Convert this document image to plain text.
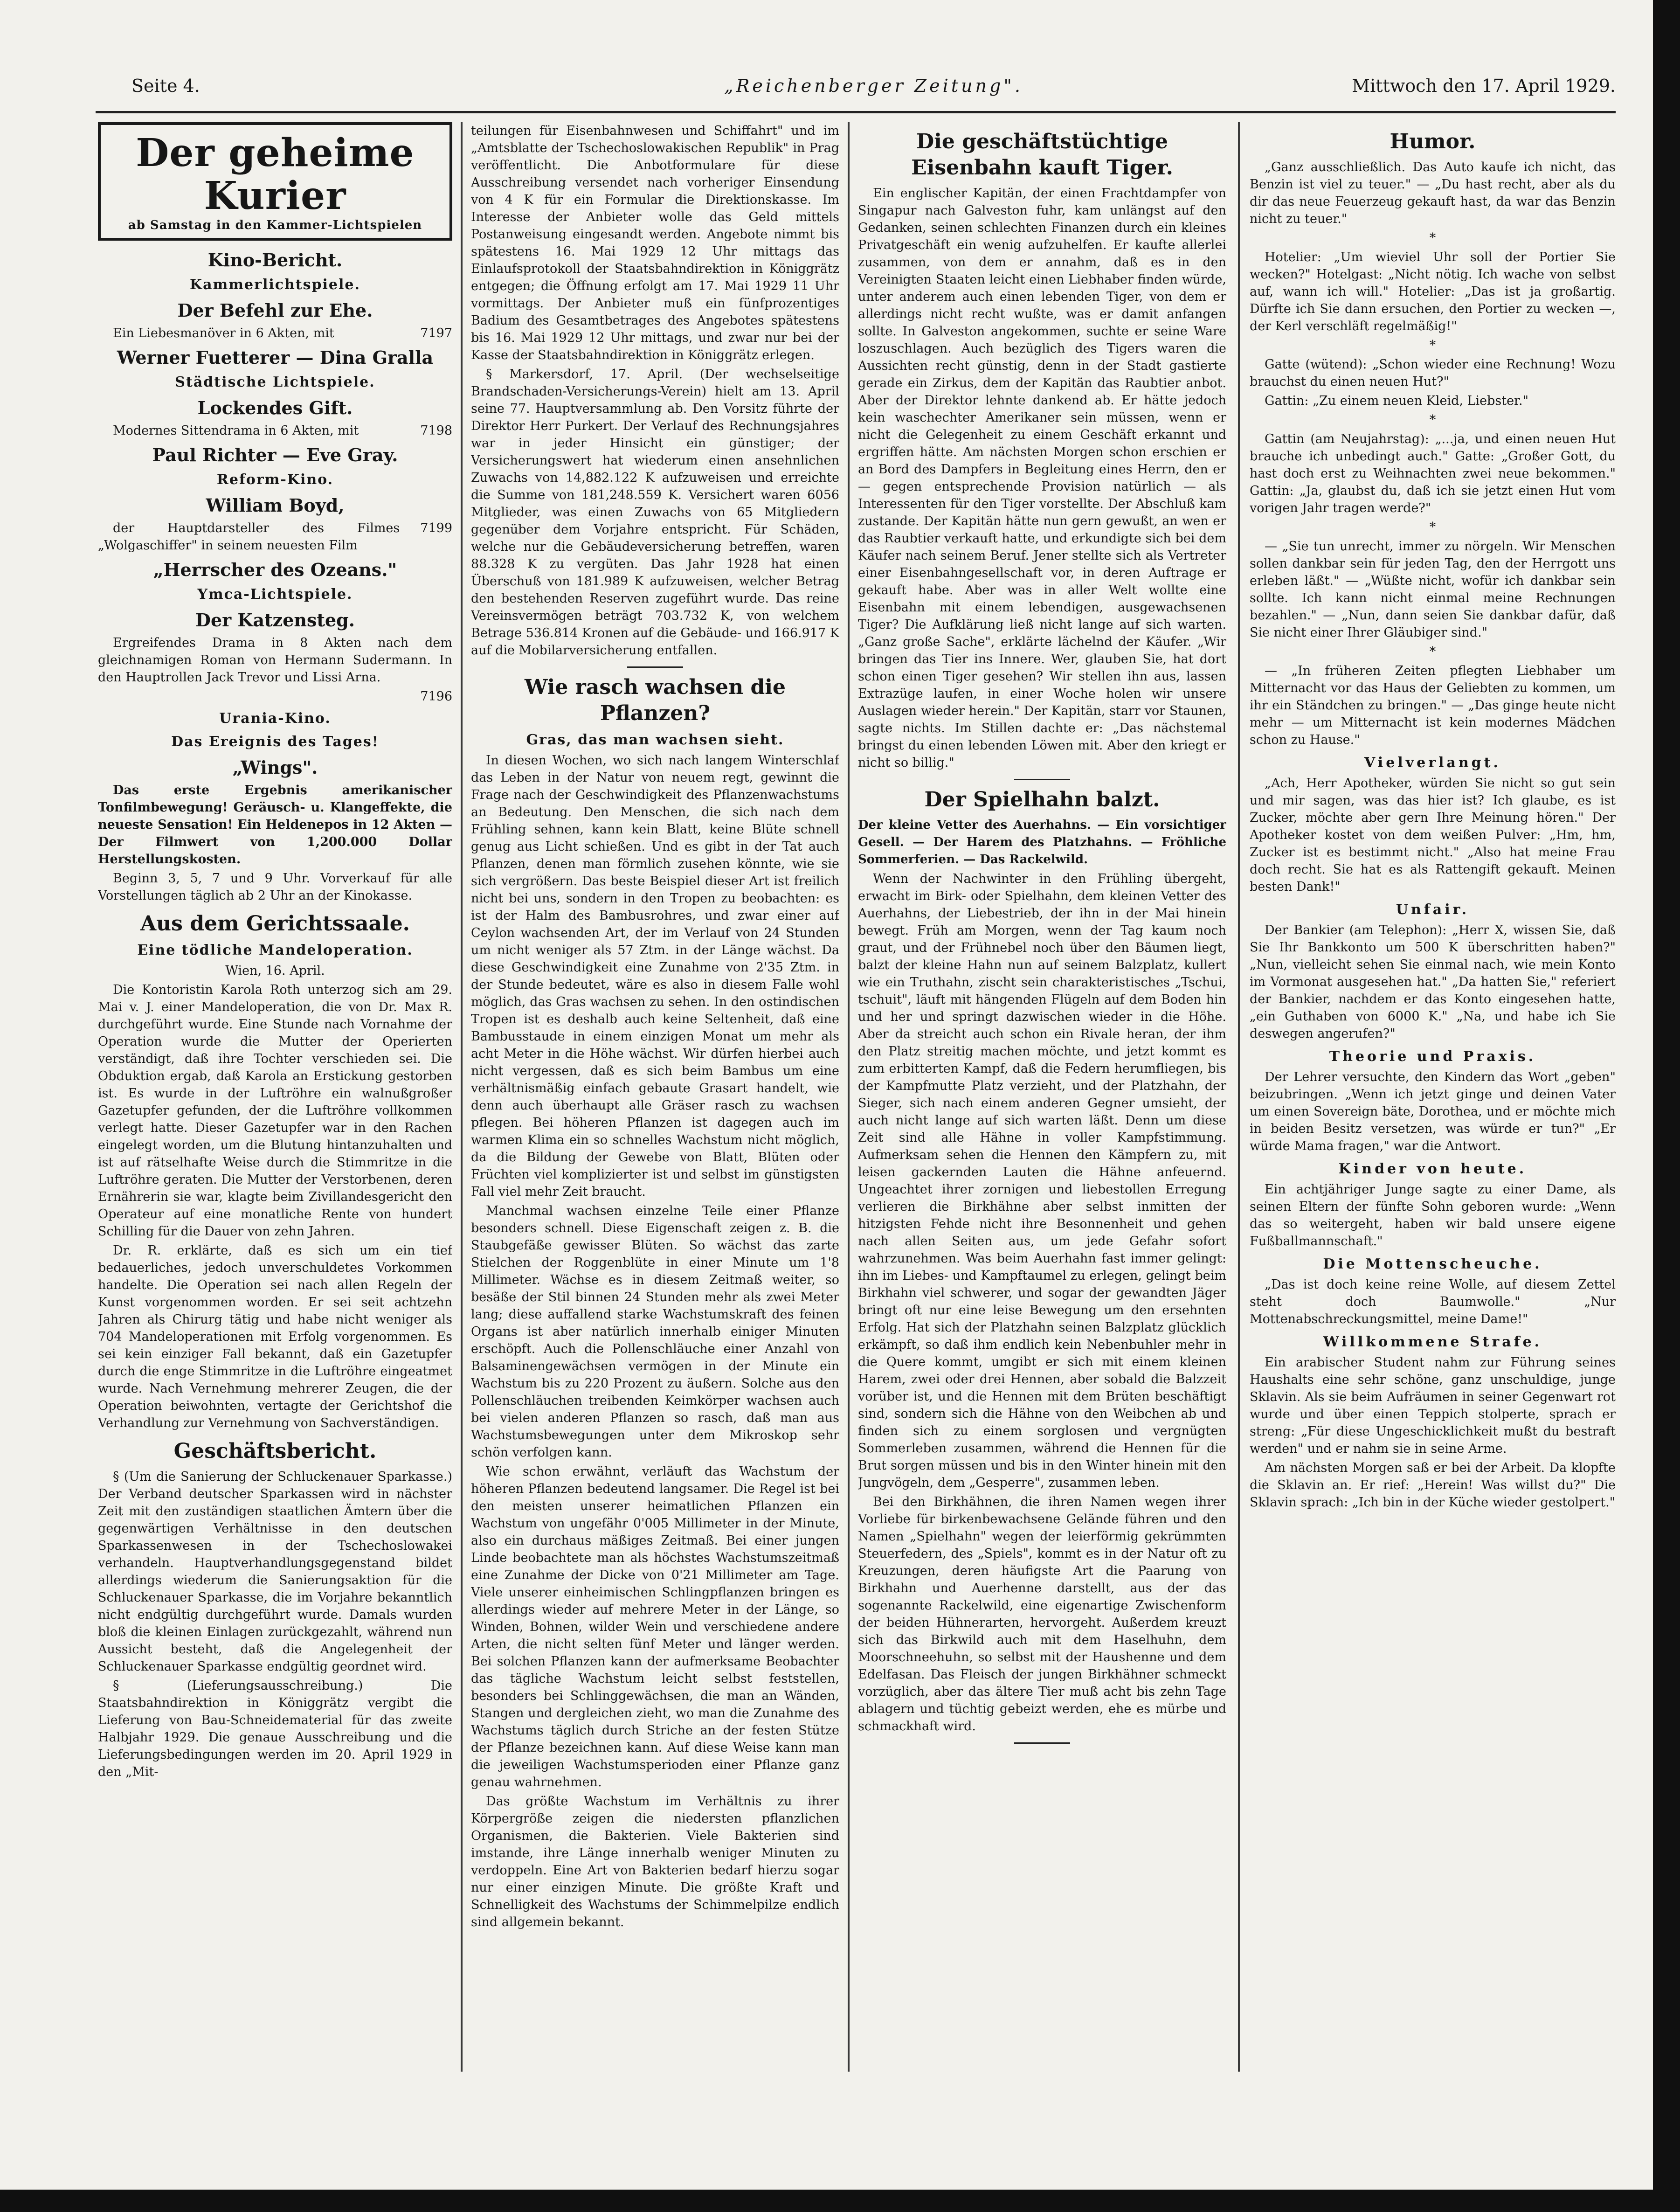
Seite 4.	„Reichenberger Zeitung".	Mittwoch den 17. April 1929.
Der geheime Kurier
ab Samstag in den Kammer-Lichtspielen
Kino-Bericht.
Kammerlichtspiele.
Der Befehl zur Ehe.

Ein Liebesmanöver in 6 Akten, mit	7197

Werner Fuetterer — Dina Gralla
Städtische Lichtspiele.
Lockendes Gift.

Modernes Sittendrama in 6 Akten, mit	7198

Paul Richter — Eve Gray.
Reform-Kino.
William Boyd,

der Hauptdarsteller des Filmes „Wolgaschiffer" in seinem neuesten Film
7199

„Herrscher des Ozeans."
Ymca-Lichtspiele.
Der Katzensteg.

Ergreifendes Drama in 8 Akten nach dem gleichnamigen Roman von Hermann Sudermann. In den Hauptrollen Jack Trevor und Lissi Arna.

7196

Urania-Kino.
Das Ereignis des Tages!
„Wings".

Das erste Ergebnis amerikanischer Tonfilmbewegung! Geräusch- u. Klangeffekte, die neueste Sensation! Ein Heldenepos in 12 Akten — Der Filmwert von 1,200.000 Dollar Herstellungskosten.

Beginn 3, 5, 7 und 9 Uhr. Vorverkauf für alle Vorstellungen täglich ab 2 Uhr an der Kinokasse.

Aus dem Gerichtssaale.
Eine tödliche Mandeloperation.

Wien, 16. April.

Die Kontoristin Karola Roth unterzog sich am 29. Mai v. J. einer Mandeloperation, die von Dr. Max R. durchgeführt wurde. Eine Stunde nach Vornahme der Operation wurde die Mutter der Operierten verständigt, daß ihre Tochter verschieden sei. Die Obduktion ergab, daß Karola an Erstickung gestorben ist. Es wurde in der Luftröhre ein walnußgroßer Gazetupfer gefunden, der die Luftröhre vollkommen verlegt hatte. Dieser Gazetupfer war in den Rachen eingelegt worden, um die Blutung hintanzuhalten und ist auf rätselhafte Weise durch die Stimmritze in die Luftröhre geraten. Die Mutter der Verstorbenen, deren Ernährerin sie war, klagte beim Zivillandesgericht den Operateur auf eine monatliche Rente von hundert Schilling für die Dauer von zehn Jahren.

Dr. R. erklärte, daß es sich um ein tief bedauerliches, jedoch unverschuldetes Vorkommen handelte. Die Operation sei nach allen Regeln der Kunst vorgenommen worden. Er sei seit achtzehn Jahren als Chirurg tätig und habe nicht weniger als 704 Mandeloperationen mit Erfolg vorgenommen. Es sei kein einziger Fall bekannt, daß ein Gazetupfer durch die enge Stimmritze in die Luftröhre eingeatmet wurde. Nach Vernehmung mehrerer Zeugen, die der Operation beiwohnten, vertagte der Gerichtshof die Verhandlung zur Vernehmung von Sachverständigen.

Geschäftsbericht.

§ (Um die Sanierung der Schluckenauer Sparkasse.) Der Verband deutscher Sparkassen wird in nächster Zeit mit den zuständigen staatlichen Ämtern über die gegenwärtigen Verhältnisse in den deutschen Sparkassenwesen in der Tschechoslowakei verhandeln. Hauptverhandlungsgegenstand bildet allerdings wiederum die Sanierungsaktion für die Schluckenauer Sparkasse, die im Vorjahre bekanntlich nicht endgültig durchgeführt wurde. Damals wurden bloß die kleinen Einlagen zurückgezahlt, während nun Aussicht besteht, daß die Angelegenheit der Schluckenauer Sparkasse endgültig geordnet wird.

§ (Lieferungsausschreibung.) Die Staatsbahndirektion in Königgrätz vergibt die Lieferung von Bau-Schneidematerial für das zweite Halbjahr 1929. Die genaue Ausschreibung und die Lieferungsbedingungen werden im 20. April 1929 in den „Mit-

teilungen für Eisenbahnwesen und Schiffahrt" und im „Amtsblatte der Tschechoslowakischen Republik" in Prag veröffentlicht. Die Anbotformulare für diese Ausschreibung versendet nach vorheriger Einsendung von 4 K für ein Formular die Direktionskasse. Im Interesse der Anbieter wolle das Geld mittels Postanweisung eingesandt werden. Angebote nimmt bis spätestens 16. Mai 1929 12 Uhr mittags das Einlaufsprotokoll der Staatsbahndirektion in Königgrätz entgegen; die Öffnung erfolgt am 17. Mai 1929 11 Uhr vormittags. Der Anbieter muß ein fünfprozentiges Badium des Gesamtbetrages des Angebotes spätestens bis 16. Mai 1929 12 Uhr mittags, und zwar nur bei der Kasse der Staatsbahndirektion in Königgrätz erlegen.

§ Markersdorf, 17. April. (Der wechselseitige Brandschaden-Versicherungs-Verein) hielt am 13. April seine 77. Hauptversammlung ab. Den Vorsitz führte der Direktor Herr Purkert. Der Verlauf des Rechnungsjahres war in jeder Hinsicht ein günstiger; der Versicherungswert hat wiederum einen ansehnlichen Zuwachs von 14,882.122 K aufzuweisen und erreichte die Summe von 181,248.559 K. Versichert waren 6056 Mitglieder, was einen Zuwachs von 65 Mitgliedern gegenüber dem Vorjahre entspricht. Für Schäden, welche nur die Gebäudeversicherung betreffen, waren 88.328 K zu vergüten. Das Jahr 1928 hat einen Überschuß von 181.989 K aufzuweisen, welcher Betrag den bestehenden Reserven zugeführt wurde. Das reine Vereinsvermögen beträgt 703.732 K, von welchem Betrage 536.814 Kronen auf die Gebäude- und 166.917 K auf die Mobilarversicherung entfallen.

Wie rasch wachsen die Pflanzen?
Gras, das man wachsen sieht.

In diesen Wochen, wo sich nach langem Winterschlaf das Leben in der Natur von neuem regt, gewinnt die Frage nach der Geschwindigkeit des Pflanzenwachstums an Bedeutung. Den Menschen, die sich nach dem Frühling sehnen, kann kein Blatt, keine Blüte schnell genug aus Licht schießen. Und es gibt in der Tat auch Pflanzen, denen man förmlich zusehen könnte, wie sie sich vergrößern. Das beste Beispiel dieser Art ist freilich nicht bei uns, sondern in den Tropen zu beobachten: es ist der Halm des Bambusrohres, und zwar einer auf Ceylon wachsenden Art, der im Verlauf von 24 Stunden um nicht weniger als 57 Ztm. in der Länge wächst. Da diese Geschwindigkeit eine Zunahme von 2'35 Ztm. in der Stunde bedeutet, wäre es also in diesem Falle wohl möglich, das Gras wachsen zu sehen. In den ostindischen Tropen ist es deshalb auch keine Seltenheit, daß eine Bambusstaude in einem einzigen Monat um mehr als acht Meter in die Höhe wächst. Wir dürfen hierbei auch nicht vergessen, daß es sich beim Bambus um eine verhältnismäßig einfach gebaute Grasart handelt, wie denn auch überhaupt alle Gräser rasch zu wachsen pflegen. Bei höheren Pflanzen ist dagegen auch im warmen Klima ein so schnelles Wachstum nicht möglich, da die Bildung der Gewebe von Blatt, Blüten oder Früchten viel komplizierter ist und selbst im günstigsten Fall viel mehr Zeit braucht.

Manchmal wachsen einzelne Teile einer Pflanze besonders schnell. Diese Eigenschaft zeigen z. B. die Staubgefäße gewisser Blüten. So wächst das zarte Stielchen der Roggenblüte in einer Minute um 1'8 Millimeter. Wächse es in diesem Zeitmaß weiter, so besäße der Stil binnen 24 Stunden mehr als zwei Meter lang; diese auffallend starke Wachstumskraft des feinen Organs ist aber natürlich innerhalb einiger Minuten erschöpft. Auch die Pollenschläuche einer Anzahl von Balsaminengewächsen vermögen in der Minute ein Wachstum bis zu 220 Prozent zu äußern. Solche aus den Pollenschläuchen treibenden Keimkörper wachsen auch bei vielen anderen Pflanzen so rasch, daß man aus Wachstumsbewegungen unter dem Mikroskop sehr schön verfolgen kann.

Wie schon erwähnt, verläuft das Wachstum der höheren Pflanzen bedeutend langsamer. Die Regel ist bei den meisten unserer heimatlichen Pflanzen ein Wachstum von ungefähr 0'005 Millimeter in der Minute, also ein durchaus mäßiges Zeitmaß. Bei einer jungen Linde beobachtete man als höchstes Wachstumszeitmaß eine Zunahme der Dicke von 0'21 Millimeter am Tage. Viele unserer einheimischen Schlingpflanzen bringen es allerdings wieder auf mehrere Meter in der Länge, so Winden, Bohnen, wilder Wein und verschiedene andere Arten, die nicht selten fünf Meter und länger werden. Bei solchen Pflanzen kann der aufmerksame Beobachter das tägliche Wachstum leicht selbst feststellen, besonders bei Schlinggewächsen, die man an Wänden, Stangen und dergleichen zieht, wo man die Zunahme des Wachstums täglich durch Striche an der festen Stütze der Pflanze bezeichnen kann. Auf diese Weise kann man die jeweiligen Wachstumsperioden einer Pflanze ganz genau wahrnehmen.

Das größte Wachstum im Verhältnis zu ihrer Körpergröße zeigen die niedersten pflanzlichen Organismen, die Bakterien. Viele Bakterien sind imstande, ihre Länge innerhalb weniger Minuten zu verdoppeln. Eine Art von Bakterien bedarf hierzu sogar nur einer einzigen Minute. Die größte Kraft und Schnelligkeit des Wachstums der Schimmelpilze endlich sind allgemein bekannt.

Die geschäftstüchtige Eisenbahn kauft Tiger.

Ein englischer Kapitän, der einen Frachtdampfer von Singapur nach Galveston fuhr, kam unlängst auf den Gedanken, seinen schlechten Finanzen durch ein kleines Privatgeschäft ein wenig aufzuhelfen. Er kaufte allerlei zusammen, von dem er annahm, daß es in den Vereinigten Staaten leicht einen Liebhaber finden würde, unter anderem auch einen lebenden Tiger, von dem er allerdings nicht recht wußte, was er damit anfangen sollte. In Galveston angekommen, suchte er seine Ware loszuschlagen. Auch bezüglich des Tigers waren die Aussichten recht günstig, denn in der Stadt gastierte gerade ein Zirkus, dem der Kapitän das Raubtier anbot. Aber der Direktor lehnte dankend ab. Er hätte jedoch kein waschechter Amerikaner sein müssen, wenn er nicht die Gelegenheit zu einem Geschäft erkannt und ergriffen hätte. Am nächsten Morgen schon erschien er an Bord des Dampfers in Begleitung eines Herrn, den er — gegen entsprechende Provision natürlich — als Interessenten für den Tiger vorstellte. Der Abschluß kam zustande. Der Kapitän hätte nun gern gewußt, an wen er das Raubtier verkauft hatte, und erkundigte sich bei dem Käufer nach seinem Beruf. Jener stellte sich als Vertreter einer Eisenbahngesellschaft vor, in deren Auftrage er gekauft habe. Aber was in aller Welt wollte eine Eisenbahn mit einem lebendigen, ausgewachsenen Tiger? Die Aufklärung ließ nicht lange auf sich warten. „Ganz große Sache", erklärte lächelnd der Käufer. „Wir bringen das Tier ins Innere. Wer, glauben Sie, hat dort schon einen Tiger gesehen? Wir stellen ihn aus, lassen Extrazüge laufen, in einer Woche holen wir unsere Auslagen wieder herein." Der Kapitän, starr vor Staunen, sagte nichts. Im Stillen dachte er: „Das nächstemal bringst du einen lebenden Löwen mit. Aber den kriegt er nicht so billig."

Der Spielhahn balzt.

Der kleine Vetter des Auerhahns. — Ein vorsichtiger Gesell. — Der Harem des Platzhahns. — Fröhliche Sommerferien. — Das Rackelwild.

Wenn der Nachwinter in den Frühling übergeht, erwacht im Birk- oder Spielhahn, dem kleinen Vetter des Auerhahns, der Liebestrieb, der ihn in der Mai hinein bewegt. Früh am Morgen, wenn der Tag kaum noch graut, und der Frühnebel noch über den Bäumen liegt, balzt der kleine Hahn nun auf seinem Balzplatz, kullert wie ein Truthahn, zischt sein charakteristisches „Tschui, tschuit", läuft mit hängenden Flügeln auf dem Boden hin und her und springt dazwischen wieder in die Höhe. Aber da streicht auch schon ein Rivale heran, der ihm den Platz streitig machen möchte, und jetzt kommt es zum erbitterten Kampf, daß die Federn herumfliegen, bis der Kampfmutte Platz verzieht, und der Platzhahn, der Sieger, sich nach einem anderen Gegner umsieht, der auch nicht lange auf sich warten läßt. Denn um diese Zeit sind alle Hähne in voller Kampfstimmung. Aufmerksam sehen die Hennen den Kämpfern zu, mit leisen gackernden Lauten die Hähne anfeuernd. Ungeachtet ihrer zornigen und liebestollen Erregung verlieren die Birkhähne aber selbst inmitten der hitzigsten Fehde nicht ihre Besonnenheit und gehen nach allen Seiten aus, um jede Gefahr sofort wahrzunehmen. Was beim Auerhahn fast immer gelingt: ihn im Liebes- und Kampftaumel zu erlegen, gelingt beim Birkhahn viel schwerer, und sogar der gewandten Jäger bringt oft nur eine leise Bewegung um den ersehnten Erfolg. Hat sich der Platzhahn seinen Balzplatz glücklich erkämpft, so daß ihm endlich kein Nebenbuhler mehr in die Quere kommt, umgibt er sich mit einem kleinen Harem, zwei oder drei Hennen, aber sobald die Balzzeit vorüber ist, und die Hennen mit dem Brüten beschäftigt sind, sondern sich die Hähne von den Weibchen ab und finden sich zu einem sorglosen und vergnügten Sommerleben zusammen, während die Hennen für die Brut sorgen müssen und bis in den Winter hinein mit den Jungvögeln, dem „Gesperre", zusammen leben.

Bei den Birkhähnen, die ihren Namen wegen ihrer Vorliebe für birkenbewachsene Gelände führen und den Namen „Spielhahn" wegen der leierförmig gekrümmten Steuerfedern, des „Spiels", kommt es in der Natur oft zu Kreuzungen, deren häufigste Art die Paarung von Birkhahn und Auerhenne darstellt, aus der das sogenannte Rackelwild, eine eigenartige Zwischenform der beiden Hühnerarten, hervorgeht. Außerdem kreuzt sich das Birkwild auch mit dem Haselhuhn, dem Moorschneehuhn, so selbst mit der Haushenne und dem Edelfasan. Das Fleisch der jungen Birkhähner schmeckt vorzüglich, aber das ältere Tier muß acht bis zehn Tage ablagern und tüchtig gebeizt werden, ehe es mürbe und schmackhaft wird.

Humor.

„Ganz ausschließlich. Das Auto kaufe ich nicht, das Benzin ist viel zu teuer." — „Du hast recht, aber als du dir das neue Feuerzeug gekauft hast, da war das Benzin nicht zu teuer."

*

Hotelier: „Um wieviel Uhr soll der Portier Sie wecken?" Hotelgast: „Nicht nötig. Ich wache von selbst auf, wann ich will." Hotelier: „Das ist ja großartig. Dürfte ich Sie dann ersuchen, den Portier zu wecken —, der Kerl verschläft regelmäßig!"

*

Gatte (wütend): „Schon wieder eine Rechnung! Wozu brauchst du einen neuen Hut?"

Gattin: „Zu einem neuen Kleid, Liebster."

*

Gattin (am Neujahrstag): „...ja, und einen neuen Hut brauche ich unbedingt auch." Gatte: „Großer Gott, du hast doch erst zu Weihnachten zwei neue bekommen." Gattin: „Ja, glaubst du, daß ich sie jetzt einen Hut vom vorigen Jahr tragen werde?"

*

— „Sie tun unrecht, immer zu nörgeln. Wir Menschen sollen dankbar sein für jeden Tag, den der Herrgott uns erleben läßt." — „Wüßte nicht, wofür ich dankbar sein sollte. Ich kann nicht einmal meine Rechnungen bezahlen." — „Nun, dann seien Sie dankbar dafür, daß Sie nicht einer Ihrer Gläubiger sind."

*

— „In früheren Zeiten pflegten Liebhaber um Mitternacht vor das Haus der Geliebten zu kommen, um ihr ein Ständchen zu bringen." — „Das ginge heute nicht mehr — um Mitternacht ist kein modernes Mädchen schon zu Hause."

Vielverlangt.

„Ach, Herr Apotheker, würden Sie nicht so gut sein und mir sagen, was das hier ist? Ich glaube, es ist Zucker, möchte aber gern Ihre Meinung hören." Der Apotheker kostet von dem weißen Pulver: „Hm, hm, Zucker ist es bestimmt nicht." „Also hat meine Frau doch recht. Sie hat es als Rattengift gekauft. Meinen besten Dank!"

Unfair.

Der Bankier (am Telephon): „Herr X, wissen Sie, daß Sie Ihr Bankkonto um 500 K überschritten haben?" „Nun, vielleicht sehen Sie einmal nach, wie mein Konto im Vormonat ausgesehen hat." „Da hatten Sie," referiert der Bankier, nachdem er das Konto eingesehen hatte, „ein Guthaben von 6000 K." „Na, und habe ich Sie deswegen angerufen?"

Theorie und Praxis.

Der Lehrer versuchte, den Kindern das Wort „geben" beizubringen. „Wenn ich jetzt ginge und deinen Vater um einen Sovereign bäte, Dorothea, und er möchte mich in beiden Besitz versetzen, was würde er tun?" „Er würde Mama fragen," war die Antwort.

Kinder von heute.

Ein achtjähriger Junge sagte zu einer Dame, als seinen Eltern der fünfte Sohn geboren wurde: „Wenn das so weitergeht, haben wir bald unsere eigene Fußballmannschaft."

Die Mottenscheuche.

„Das ist doch keine reine Wolle, auf diesem Zettel steht doch Baumwolle." „Nur Mottenabschreckungsmittel, meine Dame!"

Willkommene Strafe.

Ein arabischer Student nahm zur Führung seines Haushalts eine sehr schöne, ganz unschuldige, junge Sklavin. Als sie beim Aufräumen in seiner Gegenwart rot wurde und über einen Teppich stolperte, sprach er streng: „Für diese Ungeschicklichkeit mußt du bestraft werden" und er nahm sie in seine Arme.

Am nächsten Morgen saß er bei der Arbeit. Da klopfte die Sklavin an. Er rief: „Herein! Was willst du?" Die Sklavin sprach: „Ich bin in der Küche wieder gestolpert."
